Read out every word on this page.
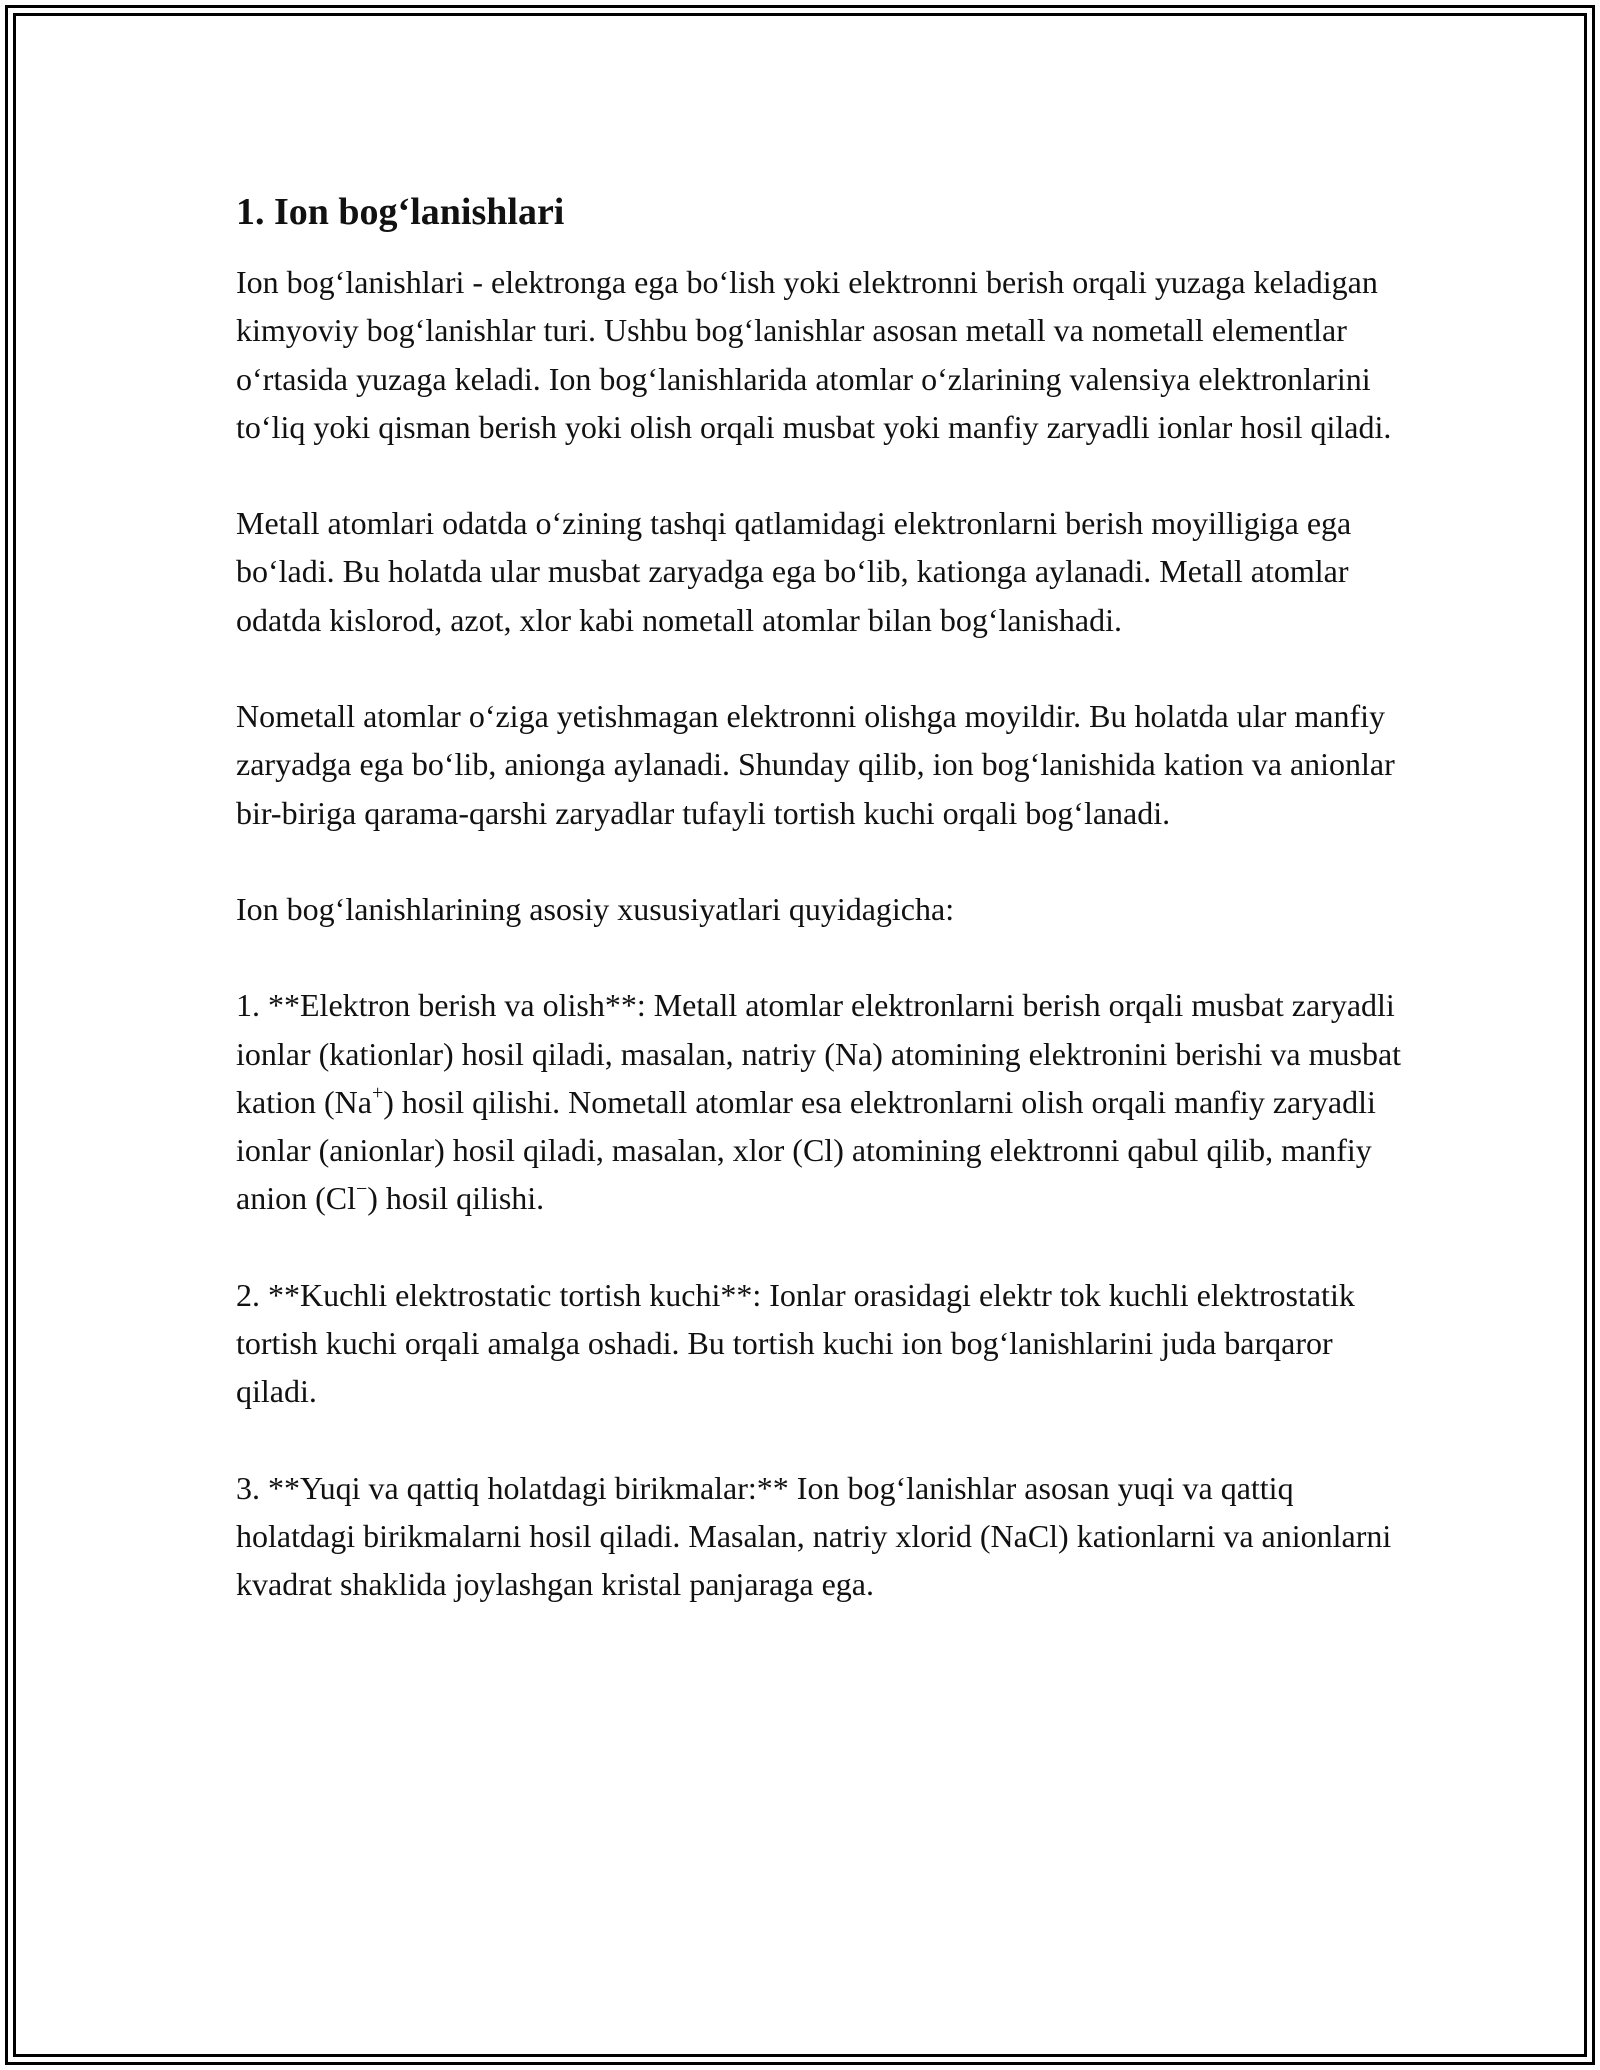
1. Ion bog‘lanishlari

Ion bog‘lanishlari - elektronga ega bo‘lish yoki elektronni berish orqali yuzaga keladigan kimyoviy bog‘lanishlar turi. Ushbu bog‘lanishlar asosan metall va nometall elementlar o‘rtasida yuzaga keladi. Ion bog‘lanishlarida atomlar o‘zlarining valensiya elektronlarini to‘liq yoki qisman berish yoki olish orqali musbat yoki manfiy zaryadli ionlar hosil qiladi.

Metall atomlari odatda o‘zining tashqi qatlamidagi elektronlarni berish moyilligiga ega bo‘ladi. Bu holatda ular musbat zaryadga ega bo‘lib, kationga aylanadi. Metall atomlar odatda kislorod, azot, xlor kabi nometall atomlar bilan bog‘lanishadi.

Nometall atomlar o‘ziga yetishmagan elektronni olishga moyildir. Bu holatda ular manfiy zaryadga ega bo‘lib, anionga aylanadi. Shunday qilib, ion bog‘lanishida kation va anionlar bir-biriga qarama-qarshi zaryadlar tufayli tortish kuchi orqali bog‘lanadi.

Ion bog‘lanishlarining asosiy xususiyatlari quyidagicha:

1. **Elektron berish va olish**: Metall atomlar elektronlarni berish orqali musbat zaryadli ionlar (kationlar) hosil qiladi, masalan, natriy (Na) atomining elektronini berishi va musbat kation (Na+) hosil qilishi. Nometall atomlar esa elektronlarni olish orqali manfiy zaryadli ionlar (anionlar) hosil qiladi, masalan, xlor (Cl) atomining elektronni qabul qilib, manfiy anion (Cl−) hosil qilishi.

2. **Kuchli elektrostatic tortish kuchi**: Ionlar orasidagi elektr tok kuchli elektrostatik tortish kuchi orqali amalga oshadi. Bu tortish kuchi ion bog‘lanishlarini juda barqaror qiladi.

3. **Yuqi va qattiq holatdagi birikmalar:** Ion bog‘lanishlar asosan yuqi va qattiq holatdagi birikmalarni hosil qiladi. Masalan, natriy xlorid (NaCl) kationlarni va anionlarni kvadrat shaklida joylashgan kristal panjaraga ega.
